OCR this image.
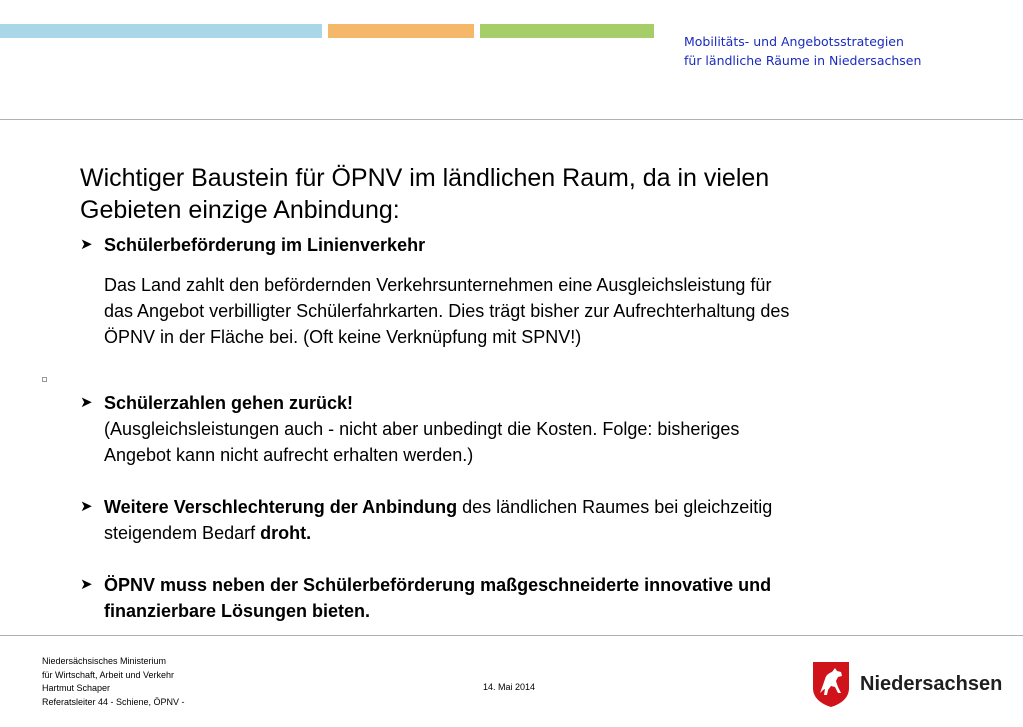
Mobilitäts- und Angebotsstrategien
für ländliche Räume in Niedersachsen
Wichtiger Baustein für ÖPNV im ländlichen Raum, da in vielen
Gebieten einzige Anbindung:
➤ Schülerbeförderung im Linienverkehr
Das Land zahlt den befördernden Verkehrsunternehmen eine Ausgleichsleistung für
das Angebot verbilligter Schülerfahrkarten. Dies trägt bisher zur Aufrechterhaltung des
ÖPNV in der Fläche bei. (Oft keine Verknüpfung mit SPNV!)
➤ Schülerzahlen gehen zurück!
(Ausgleichsleistungen auch - nicht aber unbedingt die Kosten. Folge: bisheriges
Angebot kann nicht aufrecht erhalten werden.)
➤ Weitere Verschlechterung der Anbindung des ländlichen Raumes bei gleichzeitig
steigendem Bedarf droht.
➤ ÖPNV muss neben der Schülerbeförderung maßgeschneiderte innovative und
finanzierbare Lösungen bieten.
Niedersächsisches Ministerium
für Wirtschaft, Arbeit und Verkehr
Hartmut Schaper
Referatsleiter 44 - Schiene, ÖPNV -
14. Mai 2014	Niedersachsen
